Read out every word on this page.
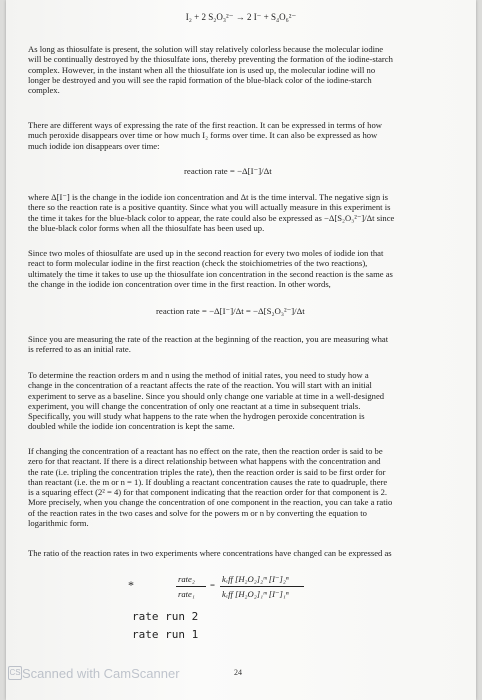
I₂ + 2 S₂O₃²⁻ → 2 I⁻ + S₄O₆²⁻
As long as thiosulfate is present, the solution will stay relatively colorless because the molecular iodine
will be continually destroyed by the thiosulfate ions, thereby preventing the formation of the iodine-starch
complex. However, in the instant when all the thiosulfate ion is used up, the molecular iodine will no
longer be destroyed and you will see the rapid formation of the blue-black color of the iodine-starch
complex.
There are different ways of expressing the rate of the first reaction. It can be expressed in terms of how
much peroxide disappears over time or how much I₂ forms over time. It can also be expressed as how
much iodide ion disappears over time:
reaction rate = −Δ[I⁻]/Δt
where Δ[I⁻] is the change in the iodide ion concentration and Δt is the time interval. The negative sign is
there so the reaction rate is a positive quantity. Since what you will actually measure in this experiment is
the time it takes for the blue-black color to appear, the rate could also be expressed as −Δ[S₂O₃²⁻]/Δt since
the blue-black color forms when all the thiosulfate has been used up.
Since two moles of thiosulfate are used up in the second reaction for every two moles of iodide ion that
react to form molecular iodine in the first reaction (check the stoichiometries of the two reactions),
ultimately the time it takes to use up the thiosulfate ion concentration in the second reaction is the same as
the change in the iodide ion concentration over time in the first reaction. In other words,
reaction rate = −Δ[I⁻]/Δt = −Δ[S₂O₃²⁻]/Δt
Since you are measuring the rate of the reaction at the beginning of the reaction, you are measuring what
is referred to as an initial rate.
To determine the reaction orders m and n using the method of initial rates, you need to study how a
change in the concentration of a reactant affects the rate of the reaction. You will start with an initial
experiment to serve as a baseline. Since you should only change one variable at time in a well-designed
experiment, you will change the concentration of only one reactant at a time in subsequent trials.
Specifically, you will study what happens to the rate when the hydrogen peroxide concentration is
doubled while the iodide ion concentration is kept the same.
If changing the concentration of a reactant has no effect on the rate, then the reaction order is said to be
zero for that reactant. If there is a direct relationship between what happens with the concentration and
the rate (i.e. tripling the concentration triples the rate), then the reaction order is said to be first order for
than reactant (i.e. the m or n = 1). If doubling a reactant concentration causes the rate to quadruple, there
is a squaring effect (2² = 4) for that component indicating that the reaction order for that component is 2.
More precisely, when you change the concentration of one component in the reaction, you can take a ratio
of the reaction rates in the two cases and solve for the powers m or n by converting the equation to
logarithmic form.
The ratio of the reaction rates in two experiments where concentrations have changed can be expressed as
*	rate₂
rate₁
=
kₑff [H₂O₂]₂ᵐ [I⁻]₂ⁿ
kₑff [H₂O₂]₁ᵐ [I⁻]₁ⁿ
rate run 2
rate run 1
24
CS Scanned with CamScanner
